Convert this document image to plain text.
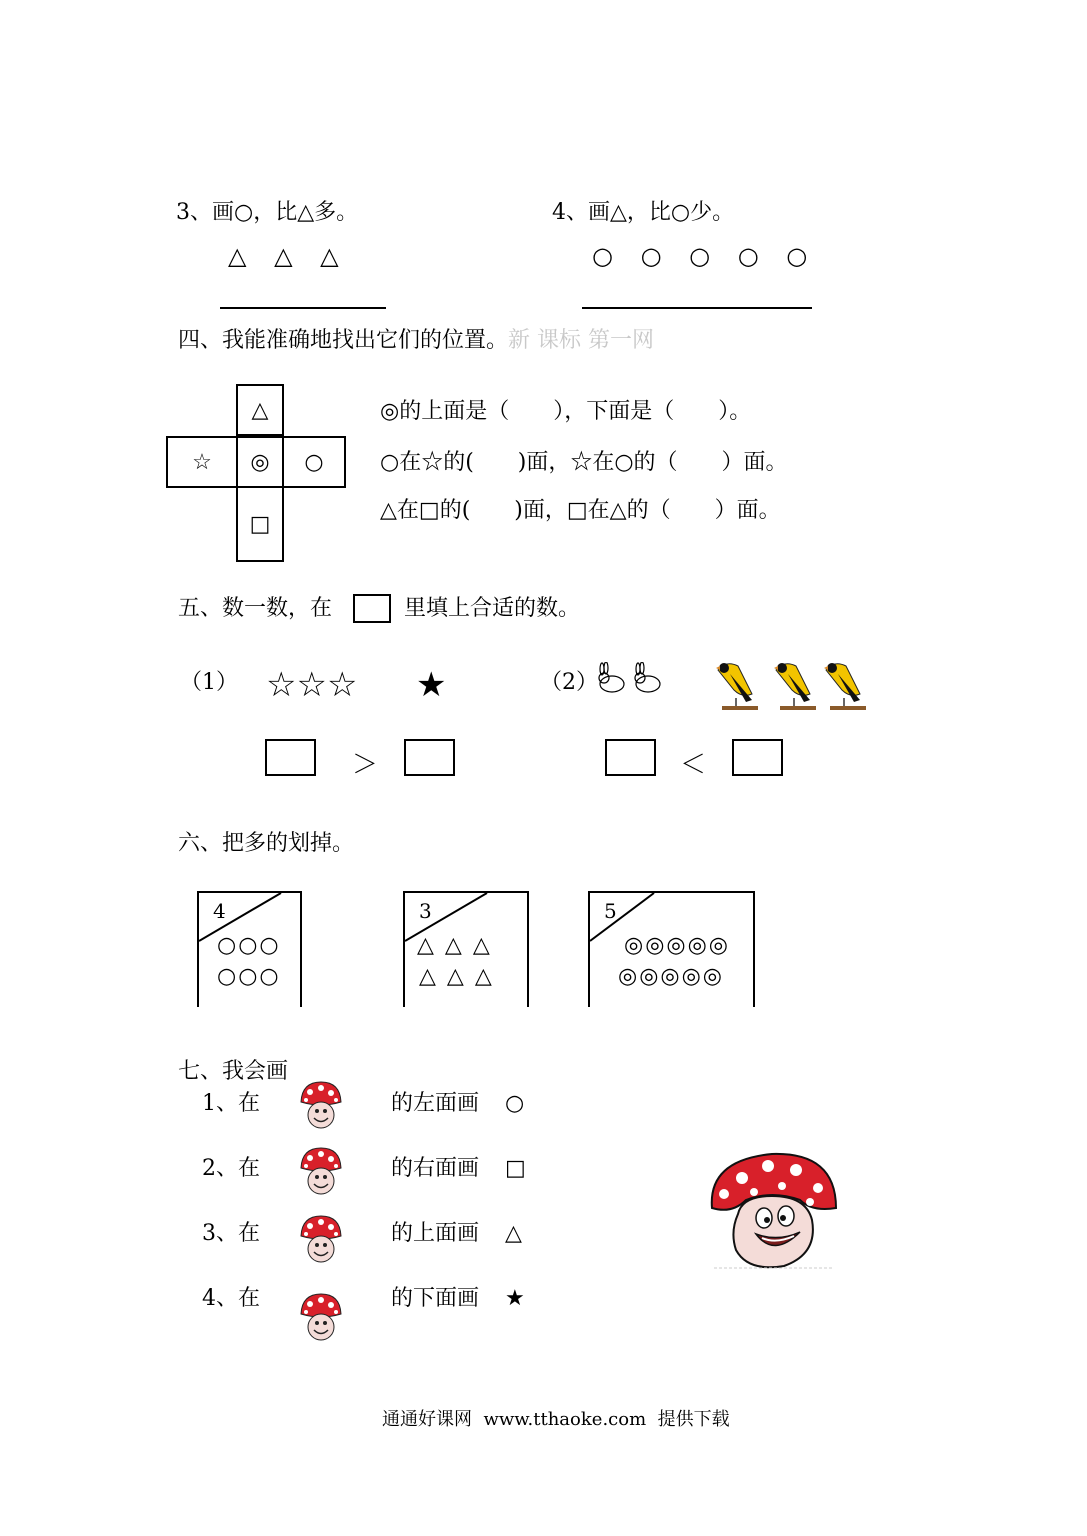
3、画○，比△多。
△ △ △
4、画△，比○少。
○ ○ ○ ○ ○
四、我能准确地找出它们的位置。新 课标 第一网
△
☆	◎	○
□
◎的上面是（　　），下面是（　　）。
○在☆的(　　)面，☆在○的（　　）面。
△在□的(　　)面，□在△的（　　）面。
五、数一数，在	里填上合适的数。
（1） ☆☆☆ ★
＞
（2）
＜
六、把多的划掉。
4
○○○
○○○
3
△ △ △
△ △ △
5
◎◎◎◎◎
◎◎◎◎◎
七、我会画
1、在	的左面画 ○
2、在	的右面画 □
3、在	的上面画 △
4、在	的下面画 ★
通通好课网  www.tthaoke.com  提供下载
